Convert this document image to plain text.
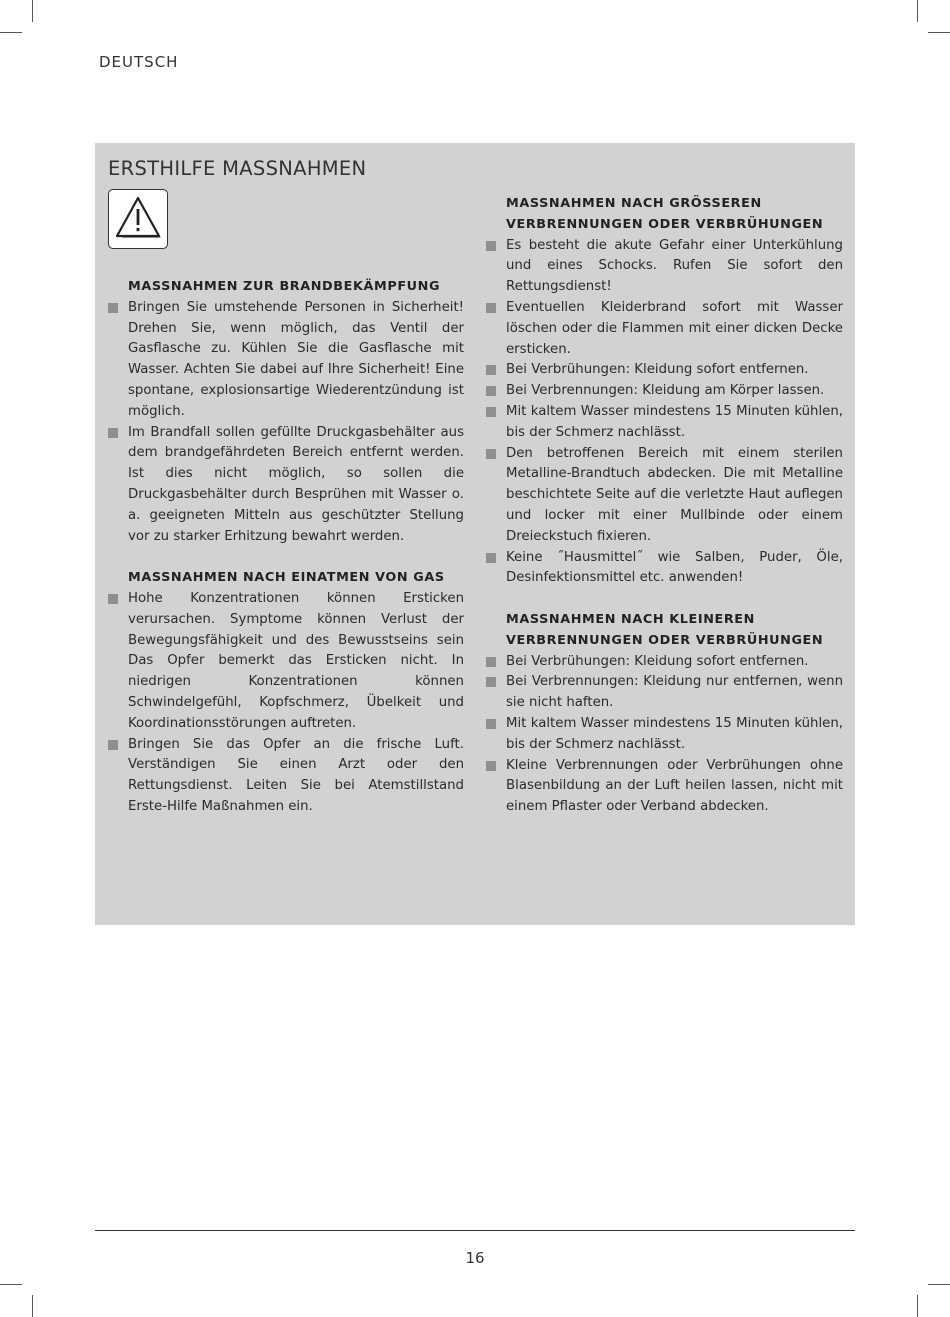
DEUTSCH
ERSTHILFE MASSNAHMEN

MASSNAHMEN ZUR BRANDBEKÄMPFUNG

Bringen Sie umstehende Personen in Sicherheit! Drehen Sie, wenn möglich, das Ventil der Gasflasche zu. Kühlen Sie die Gasflasche mit Wasser. Achten Sie dabei auf Ihre Sicherheit! Eine spontane, explosionsartige Wiederentzündung ist möglich.
Im Brandfall sollen gefüllte Druckgasbehälter aus dem brandgefährdeten Bereich entfernt werden. Ist dies nicht möglich, so sollen die Druckgasbehälter durch Besprühen mit Wasser o. a. geeigneten Mitteln aus geschützter Stellung vor zu starker Erhitzung bewahrt werden.

MASSNAHMEN NACH EINATMEN VON GAS

Hohe Konzentrationen können Ersticken verursachen. Symptome können Verlust der Bewegungsfähigkeit und des Bewusstseins sein Das Opfer bemerkt das Ersticken nicht. In niedrigen Konzentrationen können Schwindelgefühl, Kopfschmerz, Übelkeit und Koordinationsstörungen auftreten.
Bringen Sie das Opfer an die frische Luft. Verständigen Sie einen Arzt oder den Rettungsdienst. Leiten Sie bei Atemstillstand Erste-Hilfe Maßnahmen ein.

MASSNAHMEN NACH GRÖSSEREN VERBRENNUNGEN ODER VERBRÜHUNGEN

Es besteht die akute Gefahr einer Unterkühlung und eines Schocks. Rufen Sie sofort den Rettungsdienst!
Eventuellen Kleiderbrand sofort mit Wasser löschen oder die Flammen mit einer dicken Decke ersticken.
Bei Verbrühungen: Kleidung sofort entfernen.
Bei Verbrennungen: Kleidung am Körper lassen.
Mit kaltem Wasser mindestens 15 Minuten kühlen, bis der Schmerz nachlässt.
Den betroffenen Bereich mit einem sterilen Metalline-Brandtuch abdecken. Die mit Metalline beschichtete Seite auf die verletzte Haut auflegen und locker mit einer Mullbinde oder einem Dreieckstuch fixieren.
Keine ˝Hausmittel˝ wie Salben, Puder, Öle, Desinfektionsmittel etc. anwenden!

MASSNAHMEN NACH KLEINEREN VERBRENNUNGEN ODER VERBRÜHUNGEN

Bei Verbrühungen: Kleidung sofort entfernen.
Bei Verbrennungen: Kleidung nur entfernen, wenn sie nicht haften.
Mit kaltem Wasser mindestens 15 Minuten kühlen, bis der Schmerz nachlässt.
Kleine Verbrennungen oder Verbrühungen ohne Blasenbildung an der Luft heilen lassen, nicht mit einem Pflaster oder Verband abdecken.
16
